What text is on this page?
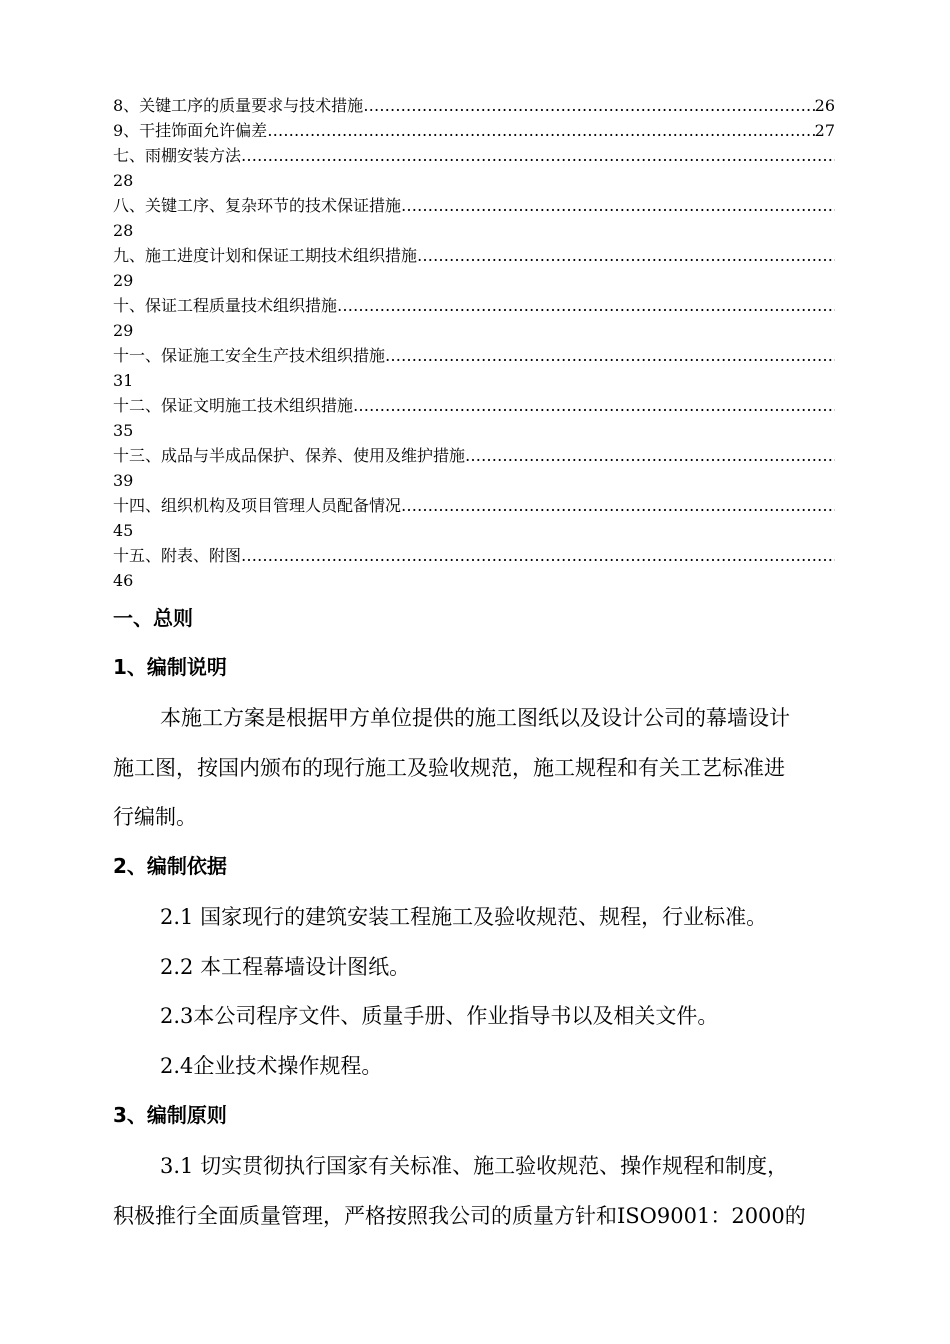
8、关键工序的质量要求与技术措施 ……………………………………………………………………………………………………………………………………………………………………………	26
9、干挂饰面允许偏差 ……………………………………………………………………………………………………………………………………………………………………………	27
七、雨棚安装方法
……………………………………………………………………………………………………………………………………………………………………………
28
八、关键工序、复杂环节的技术保证措施
……………………………………………………………………………………………………………………………………………………………………………
28
九、施工进度计划和保证工期技术组织措施
……………………………………………………………………………………………………………………………………………………………………………
29
十、保证工程质量技术组织措施
……………………………………………………………………………………………………………………………………………………………………………
29
十一、保证施工安全生产技术组织措施
……………………………………………………………………………………………………………………………………………………………………………
31
十二、保证文明施工技术组织措施
……………………………………………………………………………………………………………………………………………………………………………
35
十三、成品与半成品保护、保养、使用及维护措施
……………………………………………………………………………………………………………………………………………………………………………
39
十四、组织机构及项目管理人员配备情况
……………………………………………………………………………………………………………………………………………………………………………
45
十五、附表、附图
……………………………………………………………………………………………………………………………………………………………………………
46
一、总则
1、编制说明
本施工方案是根据甲方单位提供的施工图纸以及设计公司的幕墙设计
施工图，按国内颁布的现行施工及验收规范，施工规程和有关工艺标准进
行编制。
2、编制依据
2.1 国家现行的建筑安装工程施工及验收规范、规程，行业标准。
2.2 本工程幕墙设计图纸。
2.3本公司程序文件、质量手册、作业指导书以及相关文件。
2.4企业技术操作规程。
3、编制原则
3.1 切实贯彻执行国家有关标准、施工验收规范、操作规程和制度，
积极推行全面质量管理，严格按照我公司的质量方针和ISO9001：2000的
